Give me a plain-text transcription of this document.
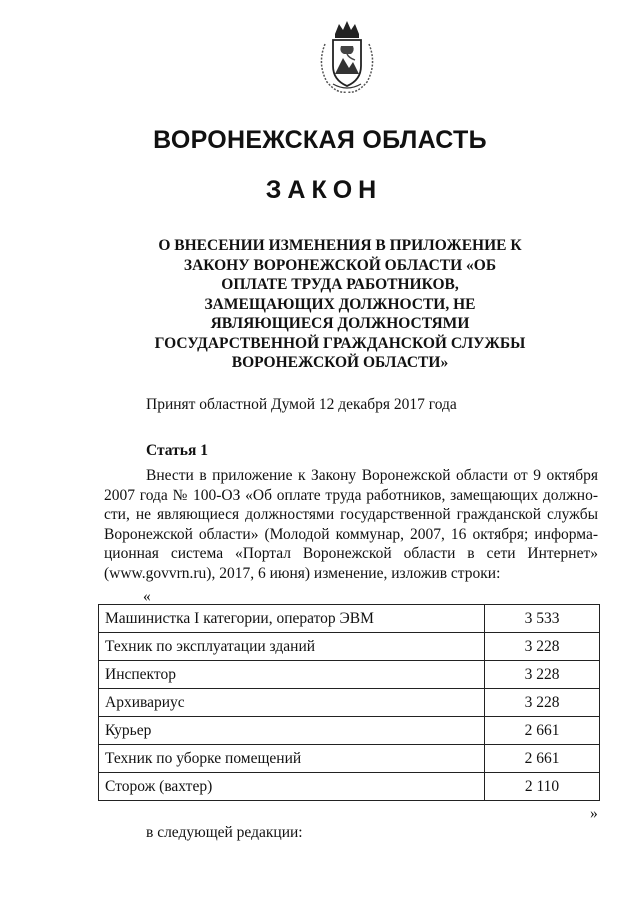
ВОРОНЕЖСКАЯ ОБЛАСТЬ
ЗАКОН
О ВНЕСЕНИИ ИЗМЕНЕНИЯ В ПРИЛОЖЕНИЕ К
ЗАКОНУ ВОРОНЕЖСКОЙ ОБЛАСТИ «ОБ
ОПЛАТЕ ТРУДА РАБОТНИКОВ,
ЗАМЕЩАЮЩИХ ДОЛЖНОСТИ, НЕ
ЯВЛЯЮЩИЕСЯ ДОЛЖНОСТЯМИ
ГОСУДАРСТВЕННОЙ ГРАЖДАНСКОЙ СЛУЖБЫ
ВОРОНЕЖСКОЙ ОБЛАСТИ»
Принят областной Думой 12 декабря 2017 года
Статья 1
Внести в приложение к Закону Воронежской области от 9 октября
2007 года № 100-ОЗ «Об оплате труда работников, замещающих должно-
сти, не являющиеся должностями государственной гражданской службы
Воронежской области» (Молодой коммунар, 2007, 16 октября; информа-
ционная система «Портал Воронежской области в сети Интернет»
(www.govvrn.ru), 2017, 6 июня) изменение, изложив строки:
«
Машинистка I категории, оператор ЭВМ	3 533
Техник по эксплуатации зданий	3 228
Инспектор	3 228
Архивариус	3 228
Курьер	2 661
Техник по уборке помещений	2 661
Сторож (вахтер)	2 110
»
в следующей редакции:
